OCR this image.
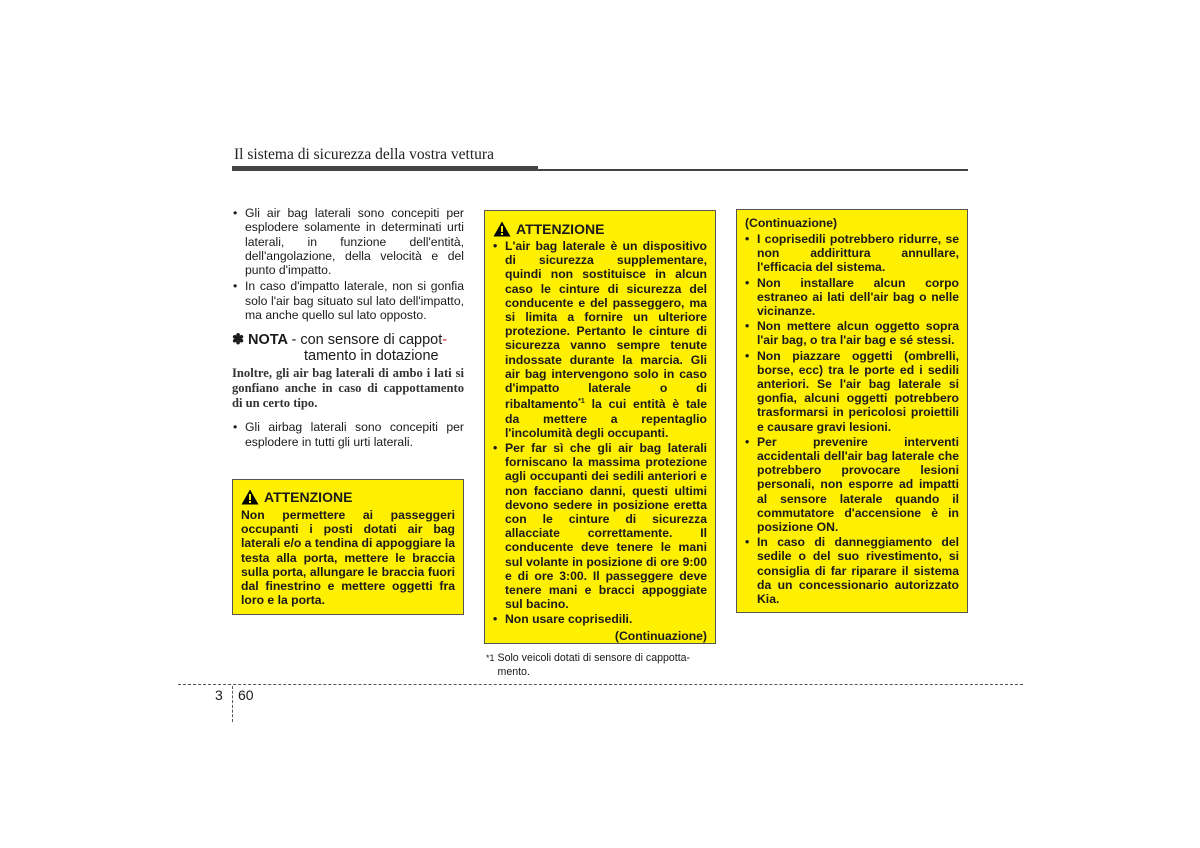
Il sistema di sicurezza della vostra vettura
• Gli air bag laterali sono concepiti per esplodere solamente in determinati urti laterali, in funzione dell'entità, dell'angolazione, della velocità e del punto d'impatto.
• In caso d'impatto laterale, non si gonfia solo l'air bag situato sul lato dell'impatto, ma anche quello sul lato opposto.
✽ NOTA - con sensore di cappot-
tamento in dotazione
Inoltre, gli air bag laterali di ambo i lati si gonfiano anche in caso di cappottamento di un certo tipo.
• Gli airbag laterali sono concepiti per esplodere in tutti gli urti laterali.
ATTENZIONE
Non permettere ai passeggeri occupanti i posti dotati air bag laterali e/o a tendina di appoggiare la testa alla porta, mettere le braccia sulla porta, allungare le braccia fuori dal finestrino e mettere oggetti fra loro e la porta.
ATTENZIONE
• L'air bag laterale è un dispositivo di sicurezza supplementare, quindi non sostituisce in alcun caso le cinture di sicurezza del conducente e del passeggero, ma si limita a fornire un ulteriore protezione. Pertanto le cinture di sicurezza vanno sempre tenute indossate durante la marcia. Gli air bag intervengono solo in caso d'impatto laterale o di ribaltamento$^{*1}$ la cui entità è tale da mettere a repentaglio l'incolumità degli occupanti.
• Per far sì che gli air bag laterali forniscano la massima protezione agli occupanti dei sedili anteriori e non facciano danni, questi ultimi devono sedere in posizione eretta con le cinture di sicurezza allacciate correttamente. Il conducente deve tenere le mani sul volante in posizione di ore 9:00 e di ore 3:00. Il passeggere deve tenere mani e bracci appoggiate sul bacino.
• Non usare coprisedili.
(Continuazione)
*1 Solo veicoli dotati di sensore di cappotta- mento.
(Continuazione)
• I coprisedili potrebbero ridurre, se non addirittura annullare, l'efficacia del sistema.
• Non installare alcun corpo estraneo ai lati dell'air bag o nelle vicinanze.
• Non mettere alcun oggetto sopra l'air bag, o tra l'air bag e sé stessi.
• Non piazzare oggetti (ombrelli, borse, ecc) tra le porte ed i sedili anteriori. Se l'air bag laterale si gonfia, alcuni oggetti potrebbero trasformarsi in pericolosi proiettili e causare gravi lesioni.
• Per prevenire interventi accidentali dell'air bag laterale che potrebbero provocare lesioni personali, non esporre ad impatti al sensore laterale quando il commutatore d'accensione è in posizione ON.
• In caso di danneggiamento del sedile o del suo rivestimento, si consiglia di far riparare il sistema da un concessionario autorizzato Kia.
3 60
